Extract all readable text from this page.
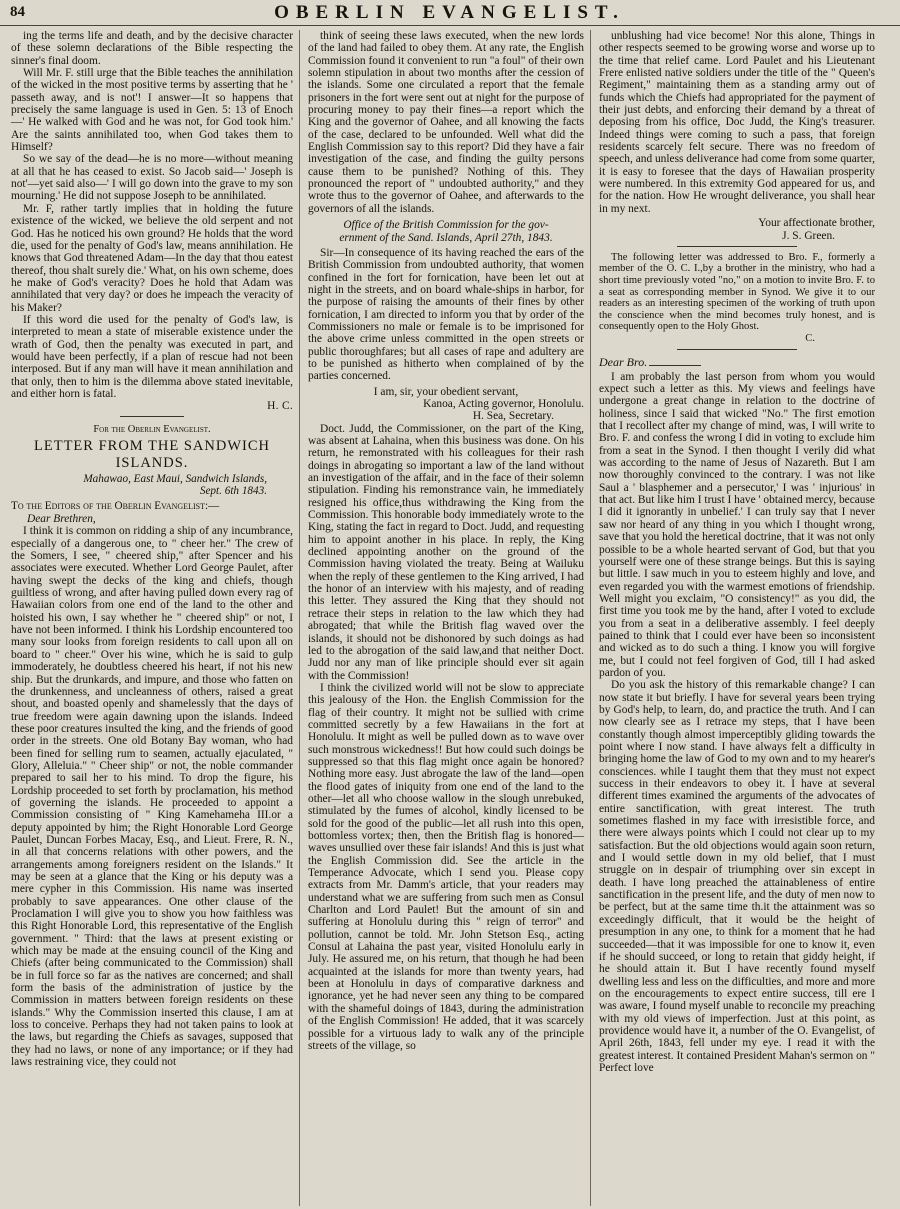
84	OBERLIN EVANGELIST.

ing the terms life and death, and by the decisive character of these solemn declarations of the Bible respecting the sinner's final doom.

Will Mr. F. still urge that the Bible teaches the annihilation of the wicked in the most positive terms by asserting that he ' passeth away, and is not'! I answer—It so happens that precisely the same language is used in Gen. 5: 13 of Enoch—' He walked with God and he was not, for God took him.' Are the saints annihilated too, when God takes them to Himself?

So we say of the dead—he is no more—without meaning at all that he has ceased to exist. So Jacob said—' Joseph is not'—yet said also—' I will go down into the grave to my son mourning.' He did not suppose Joseph to be annihilated.

Mr. F, rather tartly implies that in holding the future existence of the wicked, we believe the old serpent and not God. Has he noticed his own ground? He holds that the word die, used for the penalty of God's law, means annihilation. He knows that God threatened Adam—In the day that thou eatest thereof, thou shalt surely die.' What, on his own scheme, does he make of God's veracity? Does he hold that Adam was annihilated that very day? or does he impeach the veracity of his Maker?

If this word die used for the penalty of God's law, is interpreted to mean a state of miserable existence under the wrath of God, then the penalty was executed in part, and would have been perfectly, if a plan of rescue had not been interposed. But if any man will have it mean annihilation and that only, then to him is the dilemma above stated inevitable, and either horn is fatal.

H. C.

For the Oberlin Evangelist.

LETTER FROM THE SANDWICH ISLANDS.

Mahawao, East Maui, Sandwich Islands,

Sept. 6th 1843.

To the Editors of the Oberlin Evangelist:—

Dear Brethren,

I think it is common on ridding a ship of any incumbrance, especially of a dangerous one, to " cheer her." The crew of the Somers, I see, " cheered ship," after Spencer and his associates were executed. Whether Lord George Paulet, after having swept the decks of the king and chiefs, though guiltless of wrong, and after having pulled down every rag of Hawaiian colors from one end of the land to the other and hoisted his own, I say whether he " cheered ship" or not, I have not been informed. I think his Lordship encountered too many sour looks from foreign residents to call upon all on board to " cheer." Over his wine, which he is said to gulp immoderately, he doubtless cheered his heart, if not his new ship. But the drunkards, and impure, and those who fatten on the drunkenness, and uncleanness of others, raised a great shout, and boasted openly and shamelessly that the days of true freedom were again dawning upon the islands. Indeed these poor creatures insulted the king, and the friends of good order in the streets. One old Botany Bay woman, who had been fined for selling rum to seamen, actually ejaculated, " Glory, Alleluia." " Cheer ship" or not, the noble commander prepared to sail her to his mind. To drop the figure, his Lordship proceeded to set forth by proclamation, his method of governing the islands. He proceeded to appoint a Commission consisting of " King Kamehameha III.or a deputy appointed by him; the Right Honorable Lord George Paulet, Duncan Forbes Macay, Esq., and Lieut. Frere, R. N., in all that concerns relations with other powers, and the arrangements among foreigners resident on the Islands." It may be seen at a glance that the King or his deputy was a mere cypher in this Commission. His name was inserted probably to save appearances. One other clause of the Proclamation I will give you to show you how faithless was this Right Honorable Lord, this representative of the English government. " Third: that the laws at present existing or which may be made at the ensuing council of the King and Chiefs (after being communicated to the Commission) shall be in full force so far as the natives are concerned; and shall form the basis of the administration of justice by the Commission in matters between foreign residents on these islands." Why the Commission inserted this clause, I am at loss to conceive. Perhaps they had not taken pains to look at the laws, but regarding the Chiefs as savages, supposed that they had no laws, or none of any importance; or if they had laws restraining vice, they could not

think of seeing these laws executed, when the new lords of the land had failed to obey them. At any rate, the English Commission found it convenient to run "a foul" of their own solemn stipulation in about two months after the cession of the islands. Some one circulated a report that the female prisoners in the fort were sent out at night for the purpose of procuring money to pay their fines—a report which the King and the governor of Oahee, and all knowing the facts of the case, declared to be unfounded. Well what did the English Commission say to this report? Did they have a fair investigation of the case, and finding the guilty persons cause them to be punished? Nothing of this. They pronounced the report of " undoubted authority," and they wrote thus to the governor of Oahee, and afterwards to the governors of all the islands.

Office of the British Commission for the gov-

ernment of the Sand. Islands, April 27th, 1843.

Sir—In consequence of its having reached the ears of the British Commission from undoubted authority, that women confined in the fort for fornication, have been let out at night in the streets, and on board whale-ships in harbor, for the purpose of raising the amounts of their fines by other fornication, I am directed to inform you that by order of the Commissioners no male or female is to be imprisoned for the above crime unless committed in the open streets or public thoroughfares; but all cases of rape and adultery are to be punished as hitherto when complained of by the parties concerned.

I am, sir, your obedient servant,

Kanoa, Acting governor, Honolulu.

H. Sea, Secretary.

Doct. Judd, the Commissioner, on the part of the King, was absent at Lahaina, when this business was done. On his return, he remonstrated with his colleagues for their rash doings in abrogating so important a law of the land without an investigation of the affair, and in the face of their solemn stipulation. Finding his remonstrance vain, he immediately resigned his office,thus withdrawing the King from the Commission. This honorable body immediately wrote to the King, stating the fact in regard to Doct. Judd, and requesting him to appoint another in his place. In reply, the King declined appointing another on the ground of the Commission having violated the treaty. Being at Wailuku when the reply of these gentlemen to the King arrived, I had the honor of an interview with his majesty, and of reading this letter. They assured the King that they should not retrace their steps in relation to the law which they had abrogated; that while the British flag waved over the islands, it should not be dishonored by such doings as had led to the abrogation of the said law,and that neither Doct. Judd nor any man of like principle should ever sit again with the Commission!

I think the civilized world will not be slow to appreciate this jealousy of the Hon. the English Commission for the flag of their country. It might not be sullied with crime committed secretly by a few Hawaiians in the fort at Honolulu. It might as well be pulled down as to wave over such monstrous wickedness!! But how could such doings be suppressed so that this flag might once again be honored? Nothing more easy. Just abrogate the law of the land—open the flood gates of iniquity from one end of the land to the other—let all who choose wallow in the slough unrebuked, stimulated by the fumes of alcohol, kindly licensed to be sold for the good of the public—let all rush into this open, bottomless vortex; then, then the British flag is honored—waves unsullied over these fair islands! And this is just what the English Commission did. See the article in the Temperance Advocate, which I send you. Please copy extracts from Mr. Damm's article, that your readers may understand what we are suffering from such men as Consul Charlton and Lord Paulet! But the amount of sin and suffering at Honolulu during this " reign of terror" and pollution, cannot be told. Mr. John Stetson Esq., acting Consul at Lahaina the past year, visited Honolulu early in July. He assured me, on his return, that though he had been acquainted at the islands for more than twenty years, had been at Honolulu in days of comparative darkness and ignorance, yet he had never seen any thing to be compared with the shameful doings of 1843, during the administration of the English Commission! He added, that it was scarcely possible for a virtuous lady to walk any of the principle streets of the village, so

unblushing had vice become! Nor this alone, Things in other respects seemed to be growing worse and worse up to the time that relief came. Lord Paulet and his Lieutenant Frere enlisted native soldiers under the title of the " Queen's Regiment," maintaining them as a standing army out of funds which the Chiefs had appropriated for the payment of their just debts, and enforcing their demand by a threat of deposing from his office, Doc Judd, the King's treasurer. Indeed things were coming to such a pass, that foreign residents scarcely felt secure. There was no freedom of speech, and unless deliverance had come from some quarter, it is easy to foresee that the days of Hawaiian prosperity were numbered. In this extremity God appeared for us, and for the nation. How He wrought deliverance, you shall hear in my next.

Your affectionate brother,

J. S. Green.

The following letter was addressed to Bro. F., formerly a member of the O. C. I.,by a brother in the ministry, who had a short time previously voted "no," on a motion to invite Bro. F. to a seat as corresponding member in Synod. We give it to our readers as an interesting specimen of the working of truth upon the conscience when the mind becomes truly honest, and is consequently open to the Holy Ghost.

C.

Dear Bro.

I am probably the last person from whom you would expect such a letter as this. My views and feelings have undergone a great change in relation to the doctrine of holiness, since I said that wicked "No." The first emotion that I recollect after my change of mind, was, I will write to Bro. F. and confess the wrong I did in voting to exclude him from a seat in the Synod. I then thought I verily did what was according to the name of Jesus of Nazareth. But I am now thoroughly convinced to the contrary. I was not like Saul a ' blasphemer and a persecutor,' I was ' injurious' in that act. But like him I trust I have ' obtained mercy, because I did it ignorantly in unbelief.' I can truly say that I never saw nor heard of any thing in you which I thought wrong, save that you hold the heretical doctrine, that it was not only possible to be a whole hearted servant of God, but that you yourself were one of these strange beings. But this is saying but little. I saw much in you to esteem highly and love, and even regarded you with the warmest emotions of friendship. Well might you exclaim, "O consistency!" as you did, the first time you took me by the hand, after I voted to exclude you from a seat in a deliberative assembly. I feel deeply pained to think that I could ever have been so inconsistent and wicked as to do such a thing. I know you will forgive me, but I could not feel forgiven of God, till I had asked pardon of you.

Do you ask the history of this remarkable change? I can now state it but briefly. I have for several years been trying by God's help, to learn, do, and practice the truth. And I can now clearly see as I retrace my steps, that I have been constantly though almost imperceptibly gliding towards the point where I now stand. I have always felt a difficulty in bringing home the law of God to my own and to my hearer's consciences. while I taught them that they must not expect success in their endeavors to obey it. I have at several different times examined the arguments of the advocates of entire sanctification, with great interest. The truth sometimes flashed in my face with irresistible force, and there were always points which I could not clear up to my satisfaction. But the old objections would again soon return, and I would settle down in my old belief, that I must struggle on in despair of triumphing over sin except in death. I have long preached the attainableness of entire sanctification in the present life, and the duty of men now to be perfect, but at the same time th.it the attainment was so exceedingly difficult, that it would be the height of presumption in any one, to think for a moment that he had succeeded—that it was impossible for one to know it, even if he should succeed, or long to retain that giddy height, if he should attain it. But I have recently found myself dwelling less and less on the difficulties, and more and more on the encouragements to expect entire success, till ere I was aware, I found myself unable to reconcile my preaching with my old views of imperfection. Just at this point, as providence would have it, a number of the O. Evangelist, of April 26th, 1843, fell under my eye. I read it with the greatest interest. It contained President Mahan's sermon on " Perfect love
